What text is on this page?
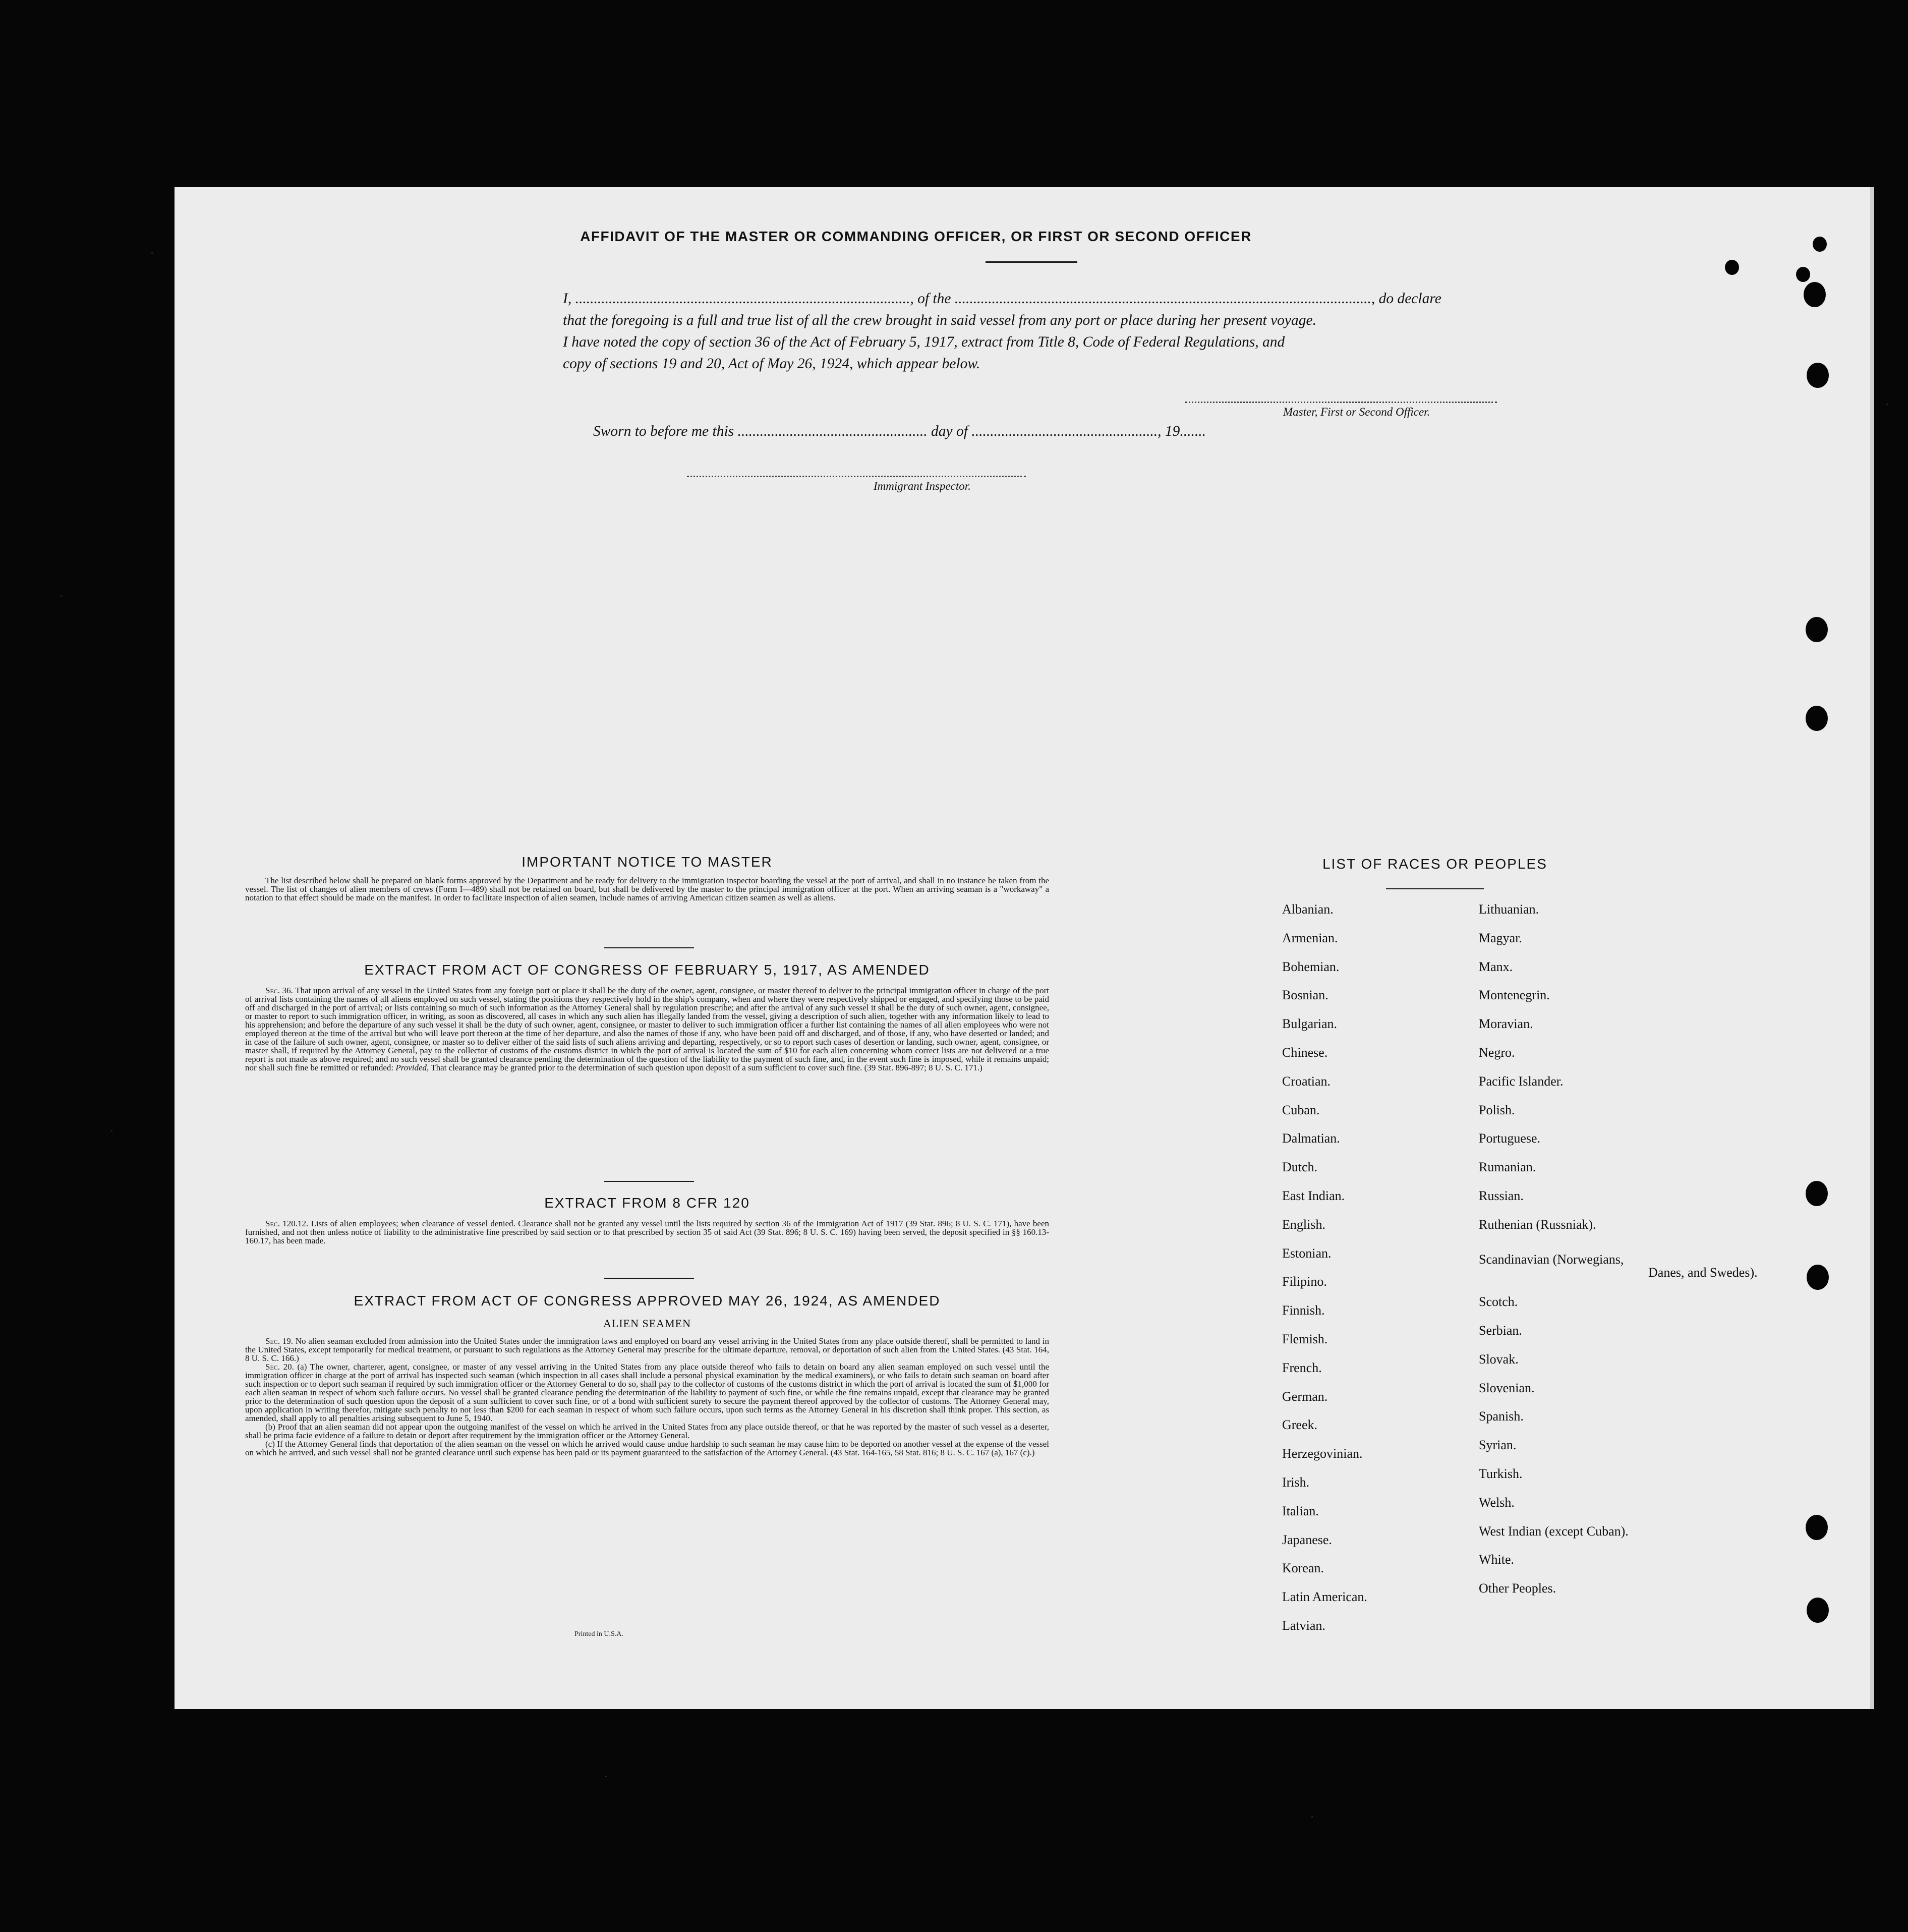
AFFIDAVIT OF THE MASTER OR COMMANDING OFFICER, OR FIRST OR SECOND OFFICER

I, .........................................................................................., of the ................................................................................................................, do declare

that the foregoing is a full and true list of all the crew brought in said vessel from any port or place during her present voyage.

I have noted the copy of section 36 of the Act of February 5, 1917, extract from Title 8, Code of Federal Regulations, and

copy of sections 19 and 20, Act of May 26, 1924, which appear below.

Master, First or Second Officer.
Sworn to before me this ................................................... day of .................................................., 19.......
Immigrant Inspector.
IMPORTANT NOTICE TO MASTER

The list described below shall be prepared on blank forms approved by the Department and be ready for delivery to the immigration inspector boarding the vessel at the port of arrival, and shall in no instance be taken from the vessel. The list of changes of alien members of crews (Form I—489) shall not be retained on board, but shall be delivered by the master to the principal immigration officer at the port. When an arriving seaman is a "workaway" a notation to that effect should be made on the manifest. In order to facilitate inspection of alien seamen, include names of arriving American citizen seamen as well as aliens.

EXTRACT FROM ACT OF CONGRESS OF FEBRUARY 5, 1917, AS AMENDED

Sec. 36. That upon arrival of any vessel in the United States from any foreign port or place it shall be the duty of the owner, agent, consignee, or master thereof to deliver to the principal immigration officer in charge of the port of arrival lists containing the names of all aliens employed on such vessel, stating the positions they respectively hold in the ship's company, when and where they were respectively shipped or engaged, and specifying those to be paid off and discharged in the port of arrival; or lists containing so much of such information as the Attorney General shall by regulation prescribe; and after the arrival of any such vessel it shall be the duty of such owner, agent, consignee, or master to report to such immigration officer, in writing, as soon as discovered, all cases in which any such alien has illegally landed from the vessel, giving a description of such alien, together with any information likely to lead to his apprehension; and before the departure of any such vessel it shall be the duty of such owner, agent, consignee, or master to deliver to such immigration officer a further list containing the names of all alien employees who were not employed thereon at the time of the arrival but who will leave port thereon at the time of her departure, and also the names of those if any, who have been paid off and discharged, and of those, if any, who have deserted or landed; and in case of the failure of such owner, agent, consignee, or master so to deliver either of the said lists of such aliens arriving and departing, respectively, or so to report such cases of desertion or landing, such owner, agent, consignee, or master shall, if required by the Attorney General, pay to the collector of customs of the customs district in which the port of arrival is located the sum of $10 for each alien concerning whom correct lists are not delivered or a true report is not made as above required; and no such vessel shall be granted clearance pending the determination of the question of the liability to the payment of such fine, and, in the event such fine is imposed, while it remains unpaid; nor shall such fine be remitted or refunded: Provided, That clearance may be granted prior to the determination of such question upon deposit of a sum sufficient to cover such fine. (39 Stat. 896-897; 8 U. S. C. 171.)

EXTRACT FROM 8 CFR 120

Sec. 120.12. Lists of alien employees; when clearance of vessel denied. Clearance shall not be granted any vessel until the lists required by section 36 of the Immigration Act of 1917 (39 Stat. 896; 8 U. S. C. 171), have been furnished, and not then unless notice of liability to the administrative fine prescribed by said section or to that prescribed by section 35 of said Act (39 Stat. 896; 8 U. S. C. 169) having been served, the deposit specified in §§ 160.13-160.17, has been made.

EXTRACT FROM ACT OF CONGRESS APPROVED MAY 26, 1924, AS AMENDED
ALIEN SEAMEN

Sec. 19. No alien seaman excluded from admission into the United States under the immigration laws and employed on board any vessel arriving in the United States from any place outside thereof, shall be permitted to land in the United States, except temporarily for medical treatment, or pursuant to such regulations as the Attorney General may prescribe for the ultimate departure, removal, or deportation of such alien from the United States. (43 Stat. 164, 8 U. S. C. 166.)

Sec. 20. (a) The owner, charterer, agent, consignee, or master of any vessel arriving in the United States from any place outside thereof who fails to detain on board any alien seaman employed on such vessel until the immigration officer in charge at the port of arrival has inspected such seaman (which inspection in all cases shall include a personal physical examination by the medical examiners), or who fails to detain such seaman on board after such inspection or to deport such seaman if required by such immigration officer or the Attorney General to do so, shall pay to the collector of customs of the customs district in which the port of arrival is located the sum of $1,000 for each alien seaman in respect of whom such failure occurs. No vessel shall be granted clearance pending the determination of the liability to payment of such fine, or while the fine remains unpaid, except that clearance may be granted prior to the determination of such question upon the deposit of a sum sufficient to cover such fine, or of a bond with sufficient surety to secure the payment thereof approved by the collector of customs. The Attorney General may, upon application in writing therefor, mitigate such penalty to not less than $200 for each seaman in respect of whom such failure occurs, upon such terms as the Attorney General in his discretion shall think proper. This section, as amended, shall apply to all penalties arising subsequent to June 5, 1940.

(b) Proof that an alien seaman did not appear upon the outgoing manifest of the vessel on which he arrived in the United States from any place outside thereof, or that he was reported by the master of such vessel as a deserter, shall be prima facie evidence of a failure to detain or deport after requirement by the immigration officer or the Attorney General.

(c) If the Attorney General finds that deportation of the alien seaman on the vessel on which he arrived would cause undue hardship to such seaman he may cause him to be deported on another vessel at the expense of the vessel on which he arrived, and such vessel shall not be granted clearance until such expense has been paid or its payment guaranteed to the satisfaction of the Attorney General. (43 Stat. 164-165, 58 Stat. 816; 8 U. S. C. 167 (a), 167 (c).)

Printed in U.S.A.
LIST OF RACES OR PEOPLES
Albanian.
Armenian.
Bohemian.
Bosnian.
Bulgarian.
Chinese.
Croatian.
Cuban.
Dalmatian.
Dutch.
East Indian.
English.
Estonian.
Filipino.
Finnish.
Flemish.
French.
German.
Greek.
Herzegovinian.
Irish.
Italian.
Japanese.
Korean.
Latin American.
Latvian.
Lithuanian.
Magyar.
Manx.
Montenegrin.
Moravian.
Negro.
Pacific Islander.
Polish.
Portuguese.
Rumanian.
Russian.
Ruthenian (Russniak).
Scandinavian (Norwegians,
Danes, and Swedes).
Scotch.
Serbian.
Slovak.
Slovenian.
Spanish.
Syrian.
Turkish.
Welsh.
West Indian (except Cuban).
White.
Other Peoples.
